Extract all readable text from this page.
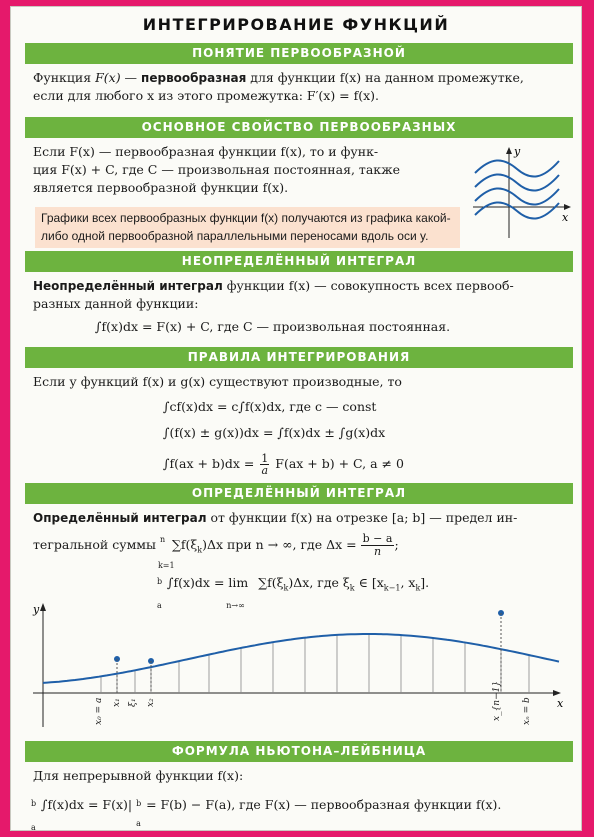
ИНТЕГРИРОВАНИЕ ФУНКЦИЙ
ПОНЯТИЕ ПЕРВООБРАЗНОЙ
Функция F(x) — первообразная для функции f(x) на данном промежутке,
если для любого x из этого промежутка: F′(x) = f(x).
ОСНОВНОЕ СВОЙСТВО ПЕРВООБРАЗНЫХ
Если F(x) — первообразная функции f(x), то и функ-
ция F(x) + C, где C — произвольная постоянная, также
является первообразной функции f(x).
Графики всех первообразных функции f(x) получаются из графика какой-
либо одной первообразной параллельными переносами вдоль оси y.
y
x
НЕОПРЕДЕЛЁННЫЙ ИНТЕГРАЛ
Неопределённый интеграл функции f(x) — совокупность всех первооб-
разных данной функции:
∫f(x)dx = F(x) + C, где C — произвольная постоянная.
ПРАВИЛА ИНТЕГРИРОВАНИЯ
Если у функций f(x) и g(x) существуют производные, то
∫cf(x)dx = c∫f(x)dx, где c — const
∫(f(x) ± g(x))dx = ∫f(x)dx ± ∫g(x)dx
$\int f(ax + b)dx = \frac{1}{a} F(ax + b) + C$, a ≠ 0
ОПРЕДЕЛЁННЫЙ ИНТЕГРАЛ
Определённый интеграл от функции f(x) на отрезке [a; b] — предел ин-
тегральной суммы n
k=1
$\sum f(\xi_k)\Delta x$ при n → ∞, где $\Delta x = \frac{b - a}{n}$ ;
b
a
∫f(x)dx = lim
n→∞
$\sum f(\xi_k)\Delta x$, где $\xi_k$ ∈ [$x_{k-1}$, $x_k$].
y
x
x₀ = a x₁ ξ₁ x₂	x_{n−1} xₙ = b
ФОРМУЛА НЬЮТОНА–ЛЕЙБНИЦА
Для непрерывной функции f(x):
b
a
∫f(x)dx = F(x)| b
a
= F(b) − F(a), где F(x) — первообразная функции f(x).
